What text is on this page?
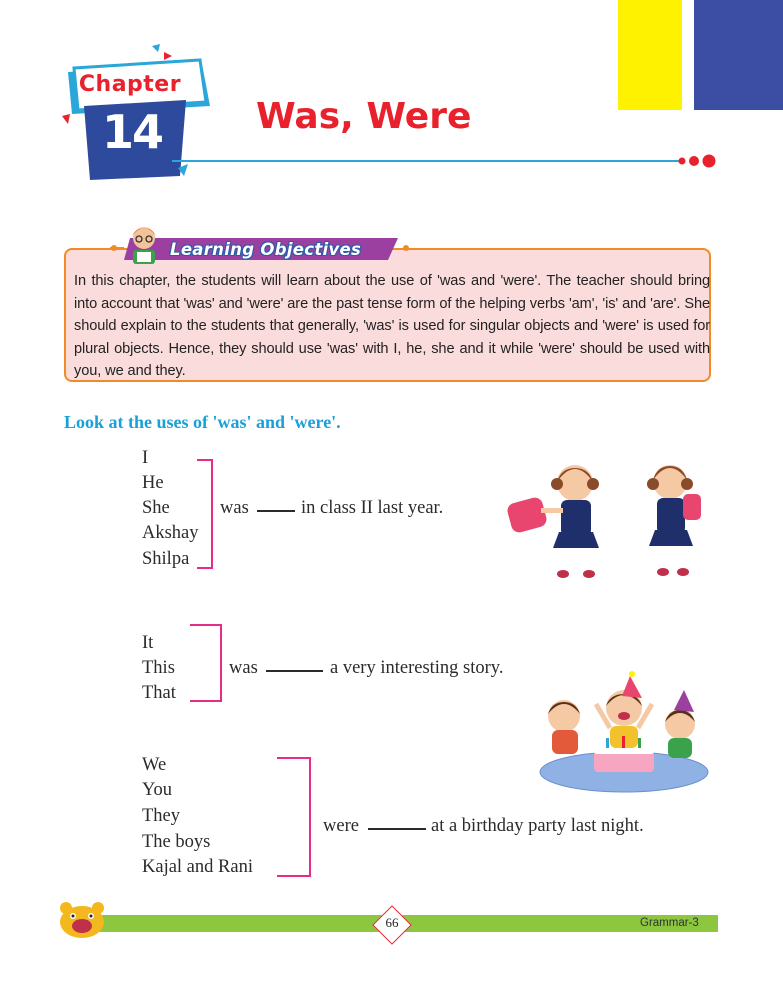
Chapter
14	Was, Were
Learning Objectives
In this chapter, the students will learn about the use of 'was and 'were'. The teacher should bring into account that 'was' and 'were' are the past tense form of the helping verbs 'am', 'is' and 'are'. She should explain to the students that generally, 'was' is used for singular objects and 'were' is used for plural objects. Hence, they should use 'was' with I, he, she and it while 'were' should be used with you, we and they.
Look at the uses of 'was' and 'were'.
I
He
She
Akshay
Shilpa
was	in class II last year.
It
This
That
was	a very interesting story.
We
You
They
The boys
Kajal and Rani
were	at a birthday party last night.
66	Grammar-3
